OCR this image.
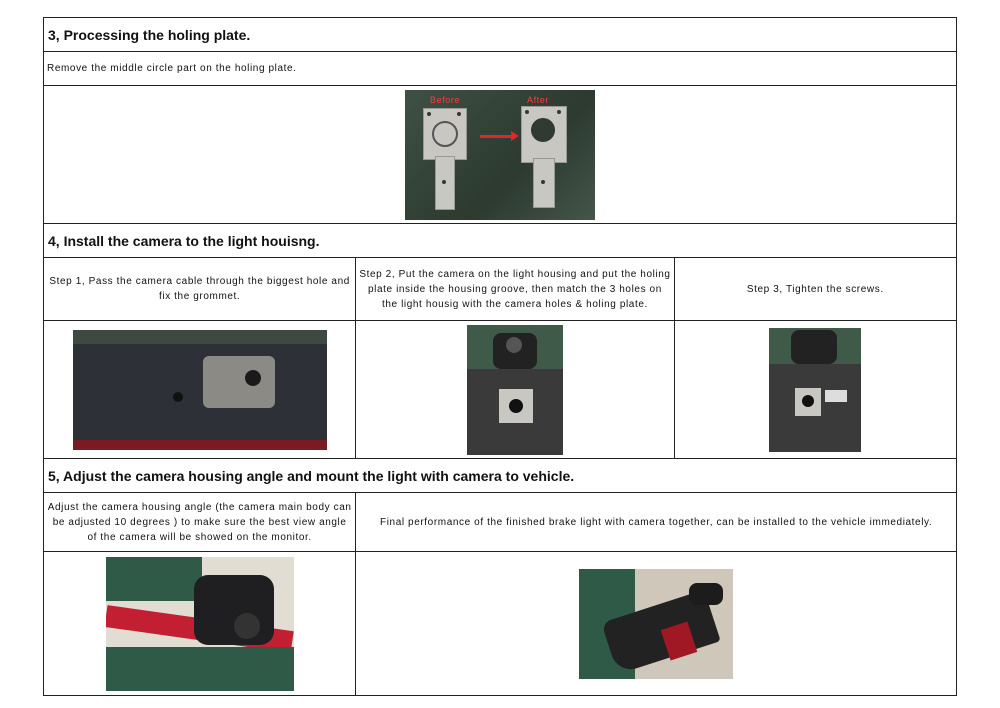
3, Processing the holing plate.
Remove the middle circle part on the holing plate.
Before	After
4, Install the camera to the light houisng.
Step 1, Pass the camera cable through the biggest hole and fix the grommet.
Step 2, Put the camera on the light housing and put the holing plate inside the housing groove, then match the 3 holes on the light housig with the camera holes & holing plate.
Step 3, Tighten the screws.
5, Adjust the camera housing angle and mount the light with camera to vehicle.
Adjust the camera housing angle (the camera main body can be adjusted 10 degrees ) to make sure the best view angle of the camera will be showed on the monitor.
Final performance of the finished brake light with camera together, can be installed to the vehicle immediately.
